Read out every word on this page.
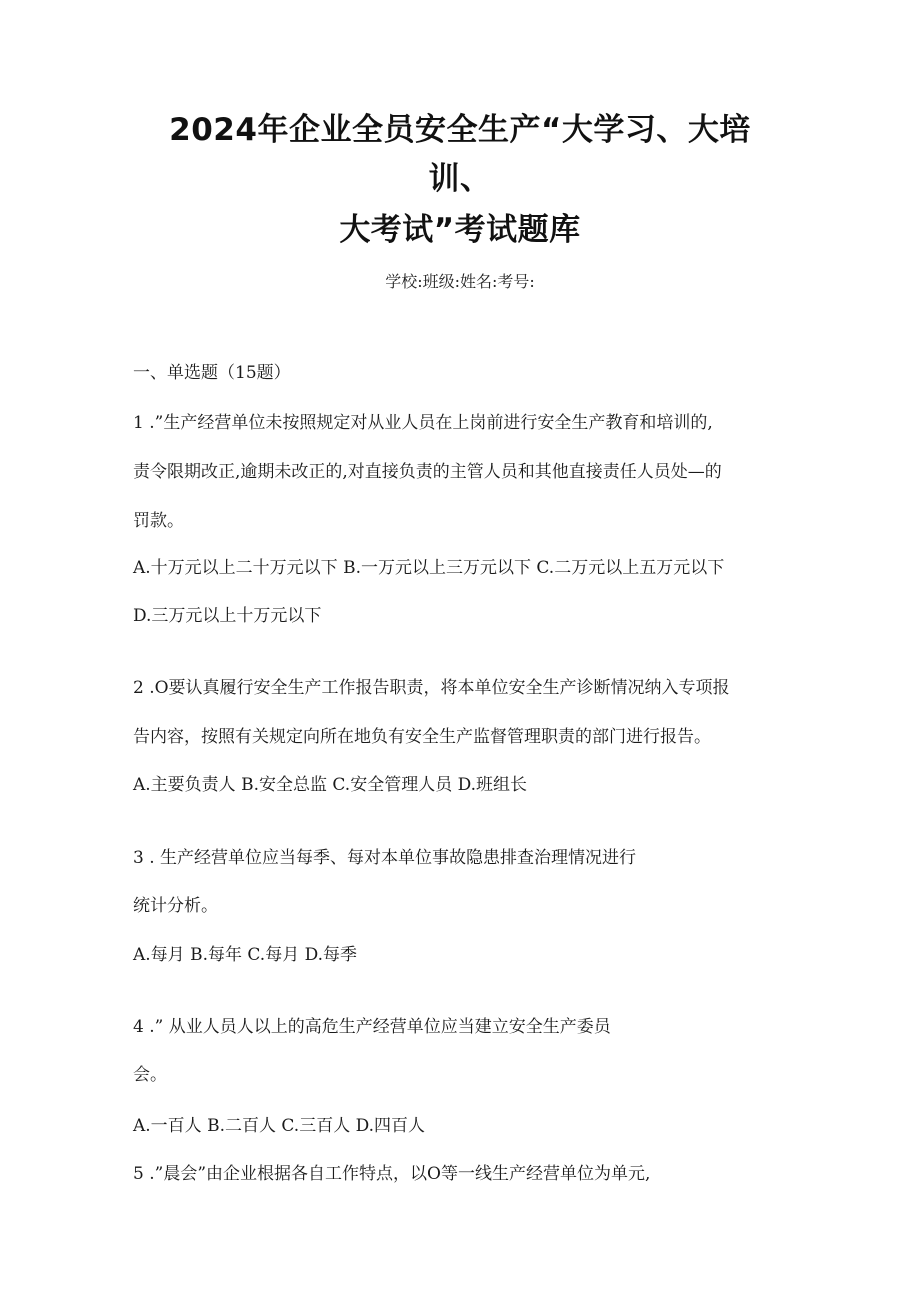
2024年企业全员安全生产“大学习、大培
训、
大考试”考试题库
学校:班级:姓名:考号:
一、单选题（15题）
1 .”生产经营单位未按照规定对从业人员在上岗前进行安全生产教育和培训的,
责令限期改正,逾期未改正的,对直接负责的主管人员和其他直接责任人员处—的
罚款。
A.十万元以上二十万元以下 B.一万元以上三万元以下 C.二万元以上五万元以下
D.三万元以上十万元以下
2 .O要认真履行安全生产工作报告职责，将本单位安全生产诊断情况纳入专项报
告内容，按照有关规定向所在地负有安全生产监督管理职责的部门进行报告。
A.主要负责人 B.安全总监 C.安全管理人员 D.班组长
3 . 生产经营单位应当每季、每对本单位事故隐患排查治理情况进行
统计分析。
A.每月 B.每年 C.每月 D.每季
4 .” 从业人员人以上的高危生产经营单位应当建立安全生产委员
会。
A.一百人 B.二百人 C.三百人 D.四百人
5 .”晨会”由企业根据各自工作特点，以O等一线生产经营单位为单元,
